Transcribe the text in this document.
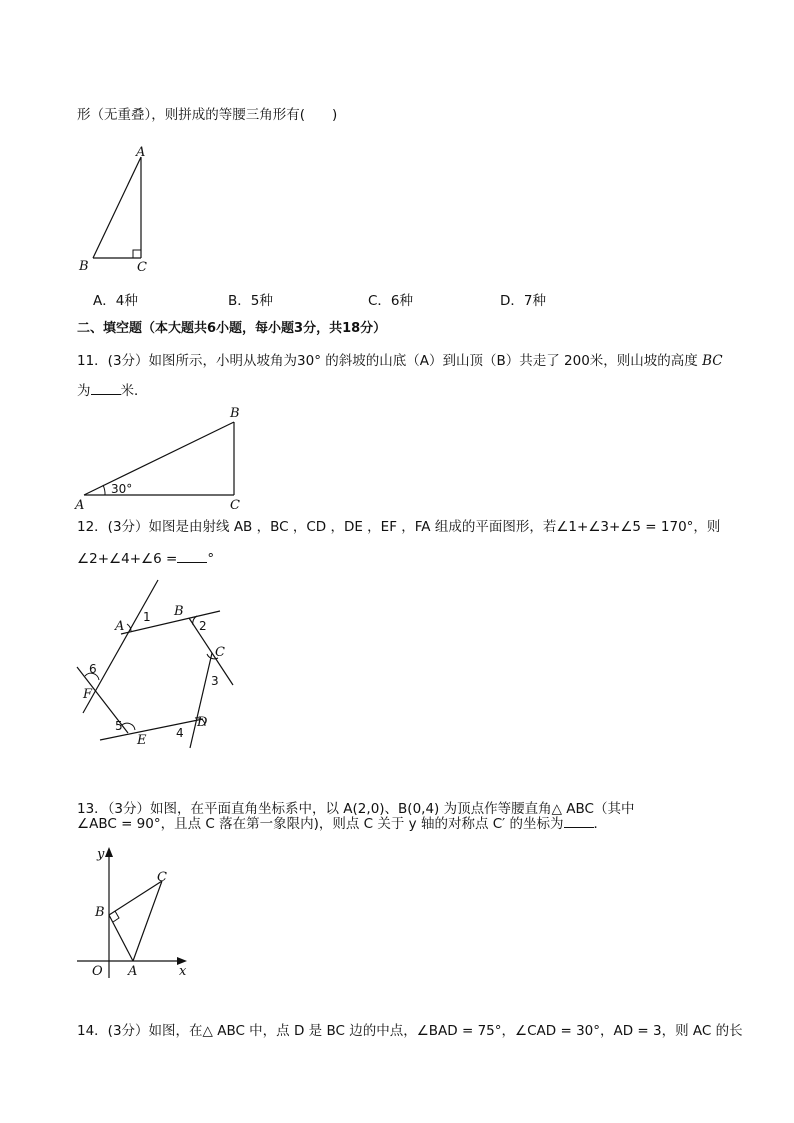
形（无重叠），则拼成的等腰三角形有(　　)
A
B	C
A．4种	B．5种	C．6种	D．7种
二、填空题（本大题共6小题，每小题3分，共18分）
11．(3分）如图所示，小明从坡角为30° 的斜坡的山底（A）到山顶（B）共走了 200米，则山坡的高度 BC
为 米．
30°
A
B
C
12．(3分）如图是由射线 AB ，BC ，CD ，DE ，EF ，FA 组成的平面图形，若∠1+∠3+∠5 = 170°，则
∠2+∠4+∠6 = °
A
B
C
D
E
F
1
2
3
4
5
6
13．（3分）如图，在平面直角坐标系中，以 A(2,0)、B(0,4) 为顶点作等腰直角△ ABC（其中
∠ABC = 90°，且点 C 落在第一象限内)，则点 C 关于 y 轴的对称点 C′ 的坐标为 ．
y
x
O A
B
C
14．(3分）如图，在△ ABC 中，点 D 是 BC 边的中点，∠BAD = 75°，∠CAD = 30°，AD = 3，则 AC 的长
